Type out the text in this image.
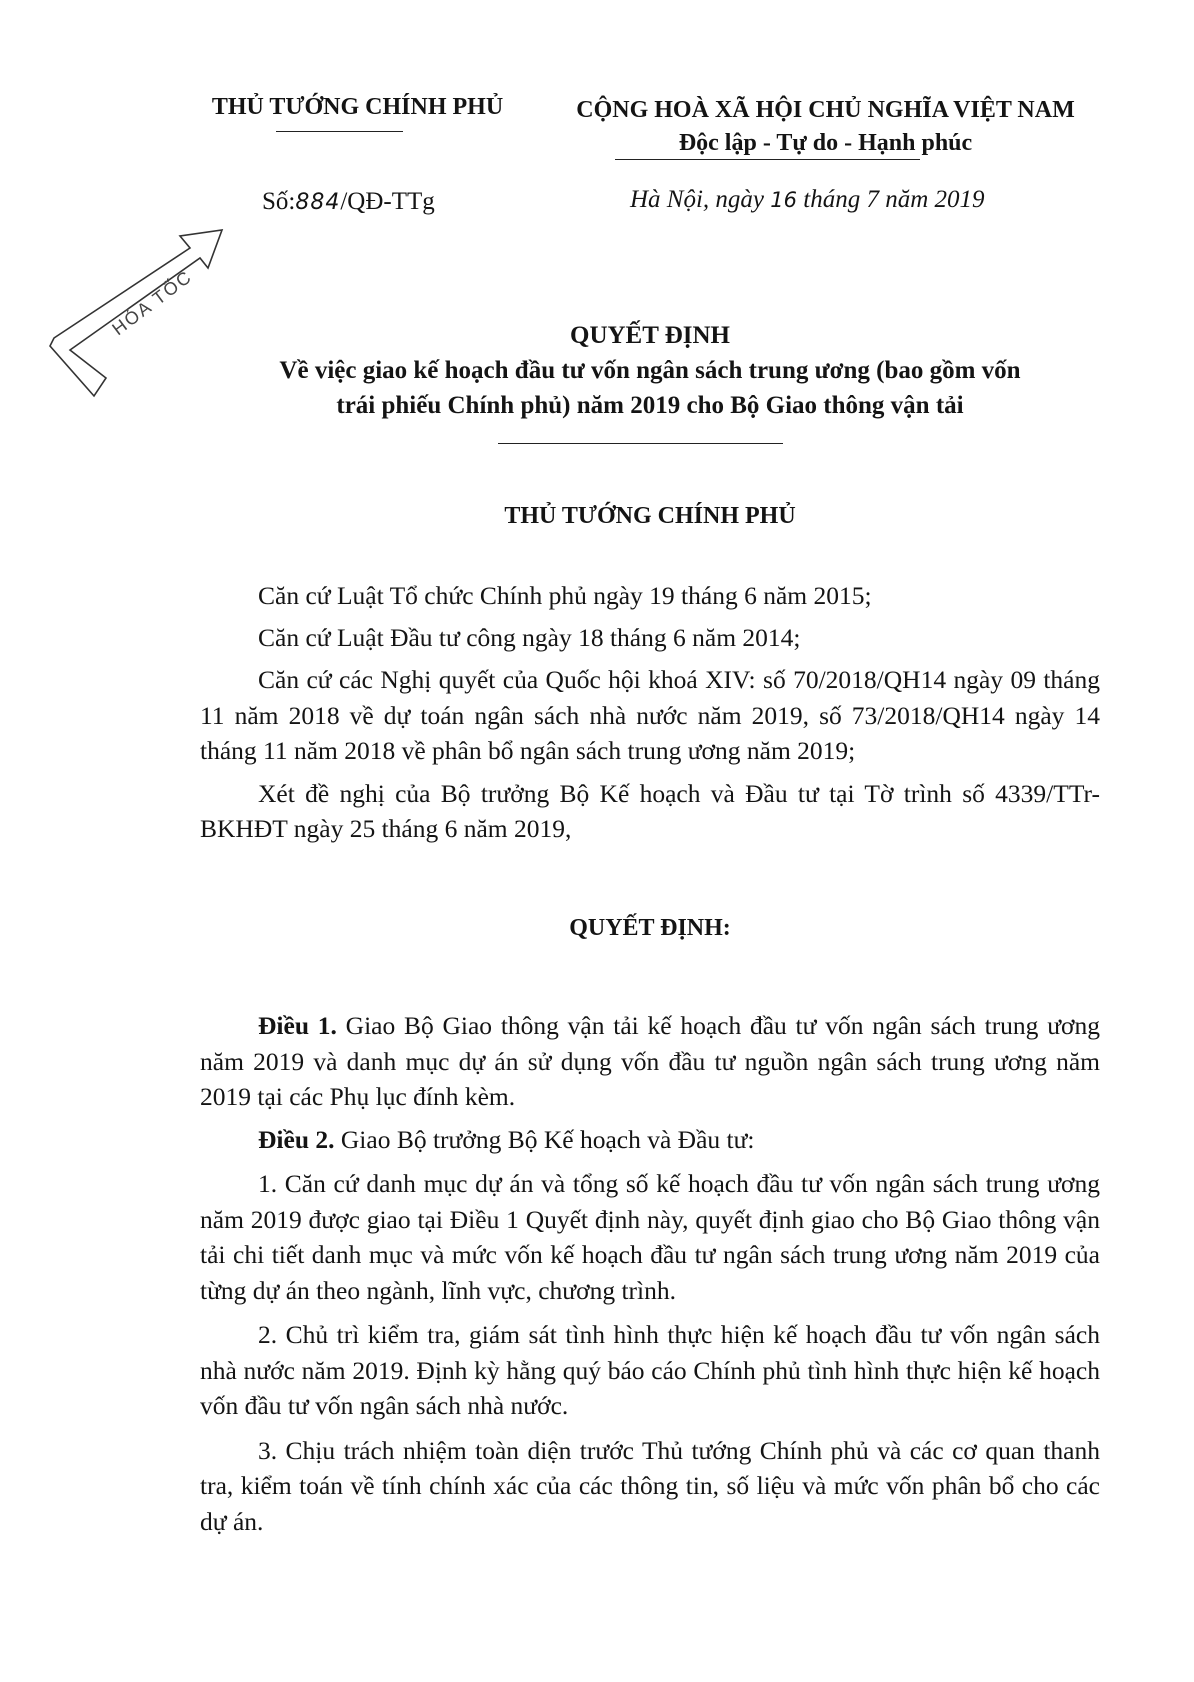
THỦ TƯỚNG CHÍNH PHỦ	CỘNG HOÀ XÃ HỘI CHỦ NGHĨA VIỆT NAM
Độc lập - Tự do - Hạnh phúc
Số:884/QĐ-TTg	Hà Nội, ngày 16 tháng 7 năm 2019
HỎA TỐC	QUYẾT ĐỊNH
Về việc giao kế hoạch đầu tư vốn ngân sách trung ương (bao gồm vốn
trái phiếu Chính phủ) năm 2019 cho Bộ Giao thông vận tải
THỦ TƯỚNG CHÍNH PHỦ
Căn cứ Luật Tổ chức Chính phủ ngày 19 tháng 6 năm 2015;
Căn cứ Luật Đầu tư công ngày 18 tháng 6 năm 2014;
Căn cứ các Nghị quyết của Quốc hội khoá XIV: số 70/2018/QH14 ngày 09 tháng 11 năm 2018 về dự toán ngân sách nhà nước năm 2019, số 73/2018/QH14 ngày 14 tháng 11 năm 2018 về phân bổ ngân sách trung ương năm 2019;
Xét đề nghị của Bộ trưởng Bộ Kế hoạch và Đầu tư tại Tờ trình số 4339/TTr-BKHĐT ngày 25 tháng 6 năm 2019,
QUYẾT ĐỊNH:
Điều 1. Giao Bộ Giao thông vận tải kế hoạch đầu tư vốn ngân sách trung ương năm 2019 và danh mục dự án sử dụng vốn đầu tư nguồn ngân sách trung ương năm 2019 tại các Phụ lục đính kèm.
Điều 2. Giao Bộ trưởng Bộ Kế hoạch và Đầu tư:
1. Căn cứ danh mục dự án và tổng số kế hoạch đầu tư vốn ngân sách trung ương năm 2019 được giao tại Điều 1 Quyết định này, quyết định giao cho Bộ Giao thông vận tải chi tiết danh mục và mức vốn kế hoạch đầu tư ngân sách trung ương năm 2019 của từng dự án theo ngành, lĩnh vực, chương trình.
2. Chủ trì kiểm tra, giám sát tình hình thực hiện kế hoạch đầu tư vốn ngân sách nhà nước năm 2019. Định kỳ hằng quý báo cáo Chính phủ tình hình thực hiện kế hoạch vốn đầu tư vốn ngân sách nhà nước.
3. Chịu trách nhiệm toàn diện trước Thủ tướng Chính phủ và các cơ quan thanh tra, kiểm toán về tính chính xác của các thông tin, số liệu và mức vốn phân bổ cho các dự án.
